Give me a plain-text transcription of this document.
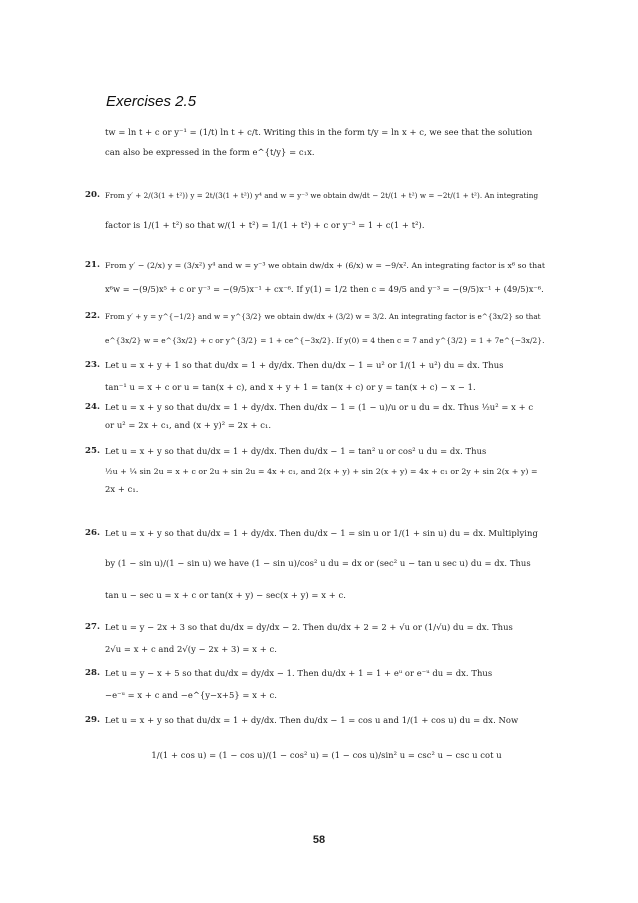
Exercises 2.5
tw = ln t + c or y⁻¹ = (1/t) ln t + c/t. Writing this in the form t/y = ln x + c, we see that the solution
can also be expressed in the form e^{t/y} = c₁x.
20. From y′ + 2/(3(1 + t²)) y = 2t/(3(1 + t²)) y⁴ and w = y⁻³ we obtain dw/dt − 2t/(1 + t²) w = −2t/(1 + t²). An integrating
factor is 1/(1 + t²) so that w/(1 + t²) = 1/(1 + t²) + c or y⁻³ = 1 + c(1 + t²).
21. From y′ − (2/x) y = (3/x²) y⁴ and w = y⁻³ we obtain dw/dx + (6/x) w = −9/x². An integrating factor is x⁶ so that
x⁶w = −(9/5)x⁵ + c or y⁻³ = −(9/5)x⁻¹ + cx⁻⁶. If y(1) = 1/2 then c = 49/5 and y⁻³ = −(9/5)x⁻¹ + (49/5)x⁻⁶.
22. From y′ + y = y^{−1/2} and w = y^{3/2} we obtain dw/dx + (3/2) w = 3/2. An integrating factor is e^{3x/2} so that
e^{3x/2} w = e^{3x/2} + c or y^{3/2} = 1 + ce^{−3x/2}. If y(0) = 4 then c = 7 and y^{3/2} = 1 + 7e^{−3x/2}.
23. Let u = x + y + 1 so that du/dx = 1 + dy/dx. Then du/dx − 1 = u² or 1/(1 + u²) du = dx. Thus
tan⁻¹ u = x + c or u = tan(x + c), and x + y + 1 = tan(x + c) or y = tan(x + c) − x − 1.
24. Let u = x + y so that du/dx = 1 + dy/dx. Then du/dx − 1 = (1 − u)/u or u du = dx. Thus ½u² = x + c
or u² = 2x + c₁, and (x + y)² = 2x + c₁.
25. Let u = x + y so that du/dx = 1 + dy/dx. Then du/dx − 1 = tan² u or cos² u du = dx. Thus
½u + ¼ sin 2u = x + c or 2u + sin 2u = 4x + c₁, and 2(x + y) + sin 2(x + y) = 4x + c₁ or 2y + sin 2(x + y) =
2x + c₁.
26. Let u = x + y so that du/dx = 1 + dy/dx. Then du/dx − 1 = sin u or 1/(1 + sin u) du = dx. Multiplying
by (1 − sin u)/(1 − sin u) we have (1 − sin u)/cos² u du = dx or (sec² u − tan u sec u) du = dx. Thus
tan u − sec u = x + c or tan(x + y) − sec(x + y) = x + c.
27. Let u = y − 2x + 3 so that du/dx = dy/dx − 2. Then du/dx + 2 = 2 + √u or (1/√u) du = dx. Thus
2√u = x + c and 2√(y − 2x + 3) = x + c.
28. Let u = y − x + 5 so that du/dx = dy/dx − 1. Then du/dx + 1 = 1 + eᵘ or e⁻ᵘ du = dx. Thus
−e⁻ᵘ = x + c and −e^{y−x+5} = x + c.
29. Let u = x + y so that du/dx = 1 + dy/dx. Then du/dx − 1 = cos u and 1/(1 + cos u) du = dx. Now
1/(1 + cos u) = (1 − cos u)/(1 − cos² u) = (1 − cos u)/sin² u = csc² u − csc u cot u
58
